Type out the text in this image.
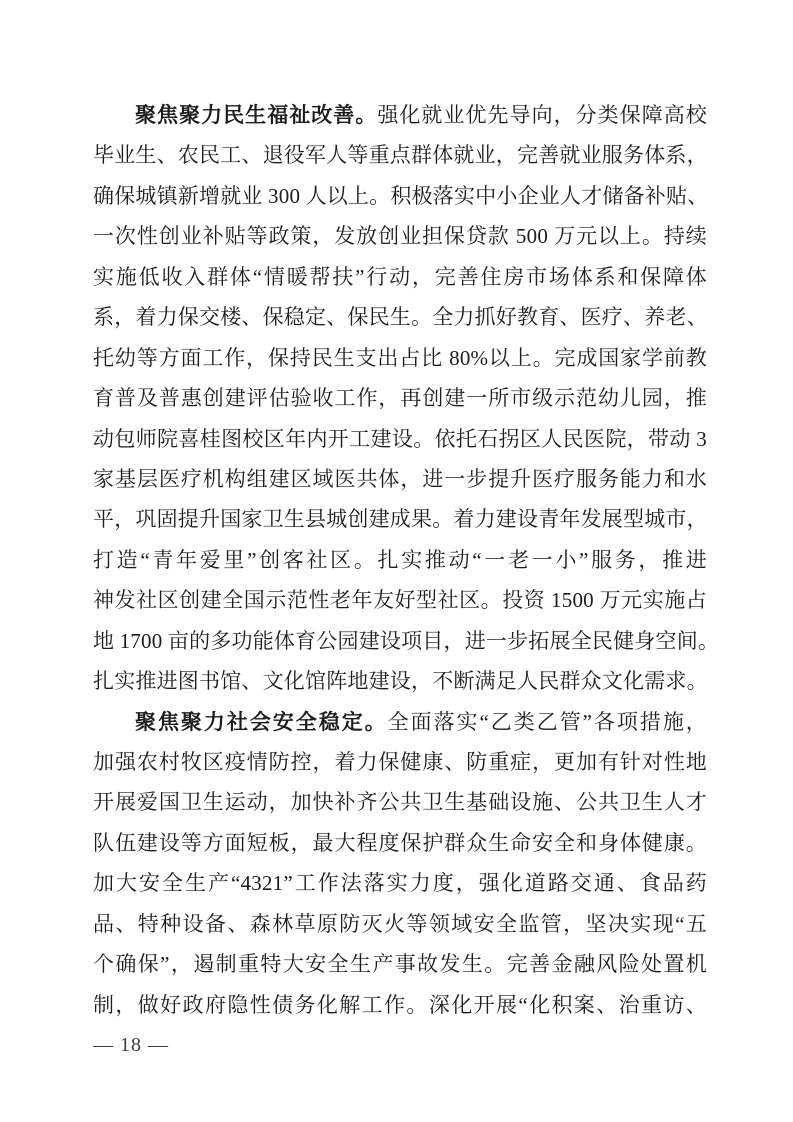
聚焦聚力民生福祉改善。强化就业优先导向，分类保障高校
毕业生、农民工、退役军人等重点群体就业，完善就业服务体系，
确保城镇新增就业 300 人以上。积极落实中小企业人才储备补贴、
一次性创业补贴等政策，发放创业担保贷款 500 万元以上。持续
实施低收入群体“情暖帮扶”行动，完善住房市场体系和保障体
系，着力保交楼、保稳定、保民生。全力抓好教育、医疗、养老、
托幼等方面工作，保持民生支出占比 80%以上。完成国家学前教
育普及普惠创建评估验收工作，再创建一所市级示范幼儿园，推
动包师院喜桂图校区年内开工建设。依托石拐区人民医院，带动 3
家基层医疗机构组建区域医共体，进一步提升医疗服务能力和水
平，巩固提升国家卫生县城创建成果。着力建设青年发展型城市，
打造“青年爱里”创客社区。扎实推动“一老一小”服务，推进
神发社区创建全国示范性老年友好型社区。投资 1500 万元实施占
地 1700 亩的多功能体育公园建设项目，进一步拓展全民健身空间。
扎实推进图书馆、文化馆阵地建设，不断满足人民群众文化需求。
聚焦聚力社会安全稳定。全面落实“乙类乙管”各项措施，
加强农村牧区疫情防控，着力保健康、防重症，更加有针对性地
开展爱国卫生运动，加快补齐公共卫生基础设施、公共卫生人才
队伍建设等方面短板，最大程度保护群众生命安全和身体健康。
加大安全生产“4321”工作法落实力度，强化道路交通、食品药
品、特种设备、森林草原防灭火等领域安全监管，坚决实现“五
个确保”，遏制重特大安全生产事故发生。完善金融风险处置机
制，做好政府隐性债务化解工作。深化开展“化积案、治重访、
— 18 —
